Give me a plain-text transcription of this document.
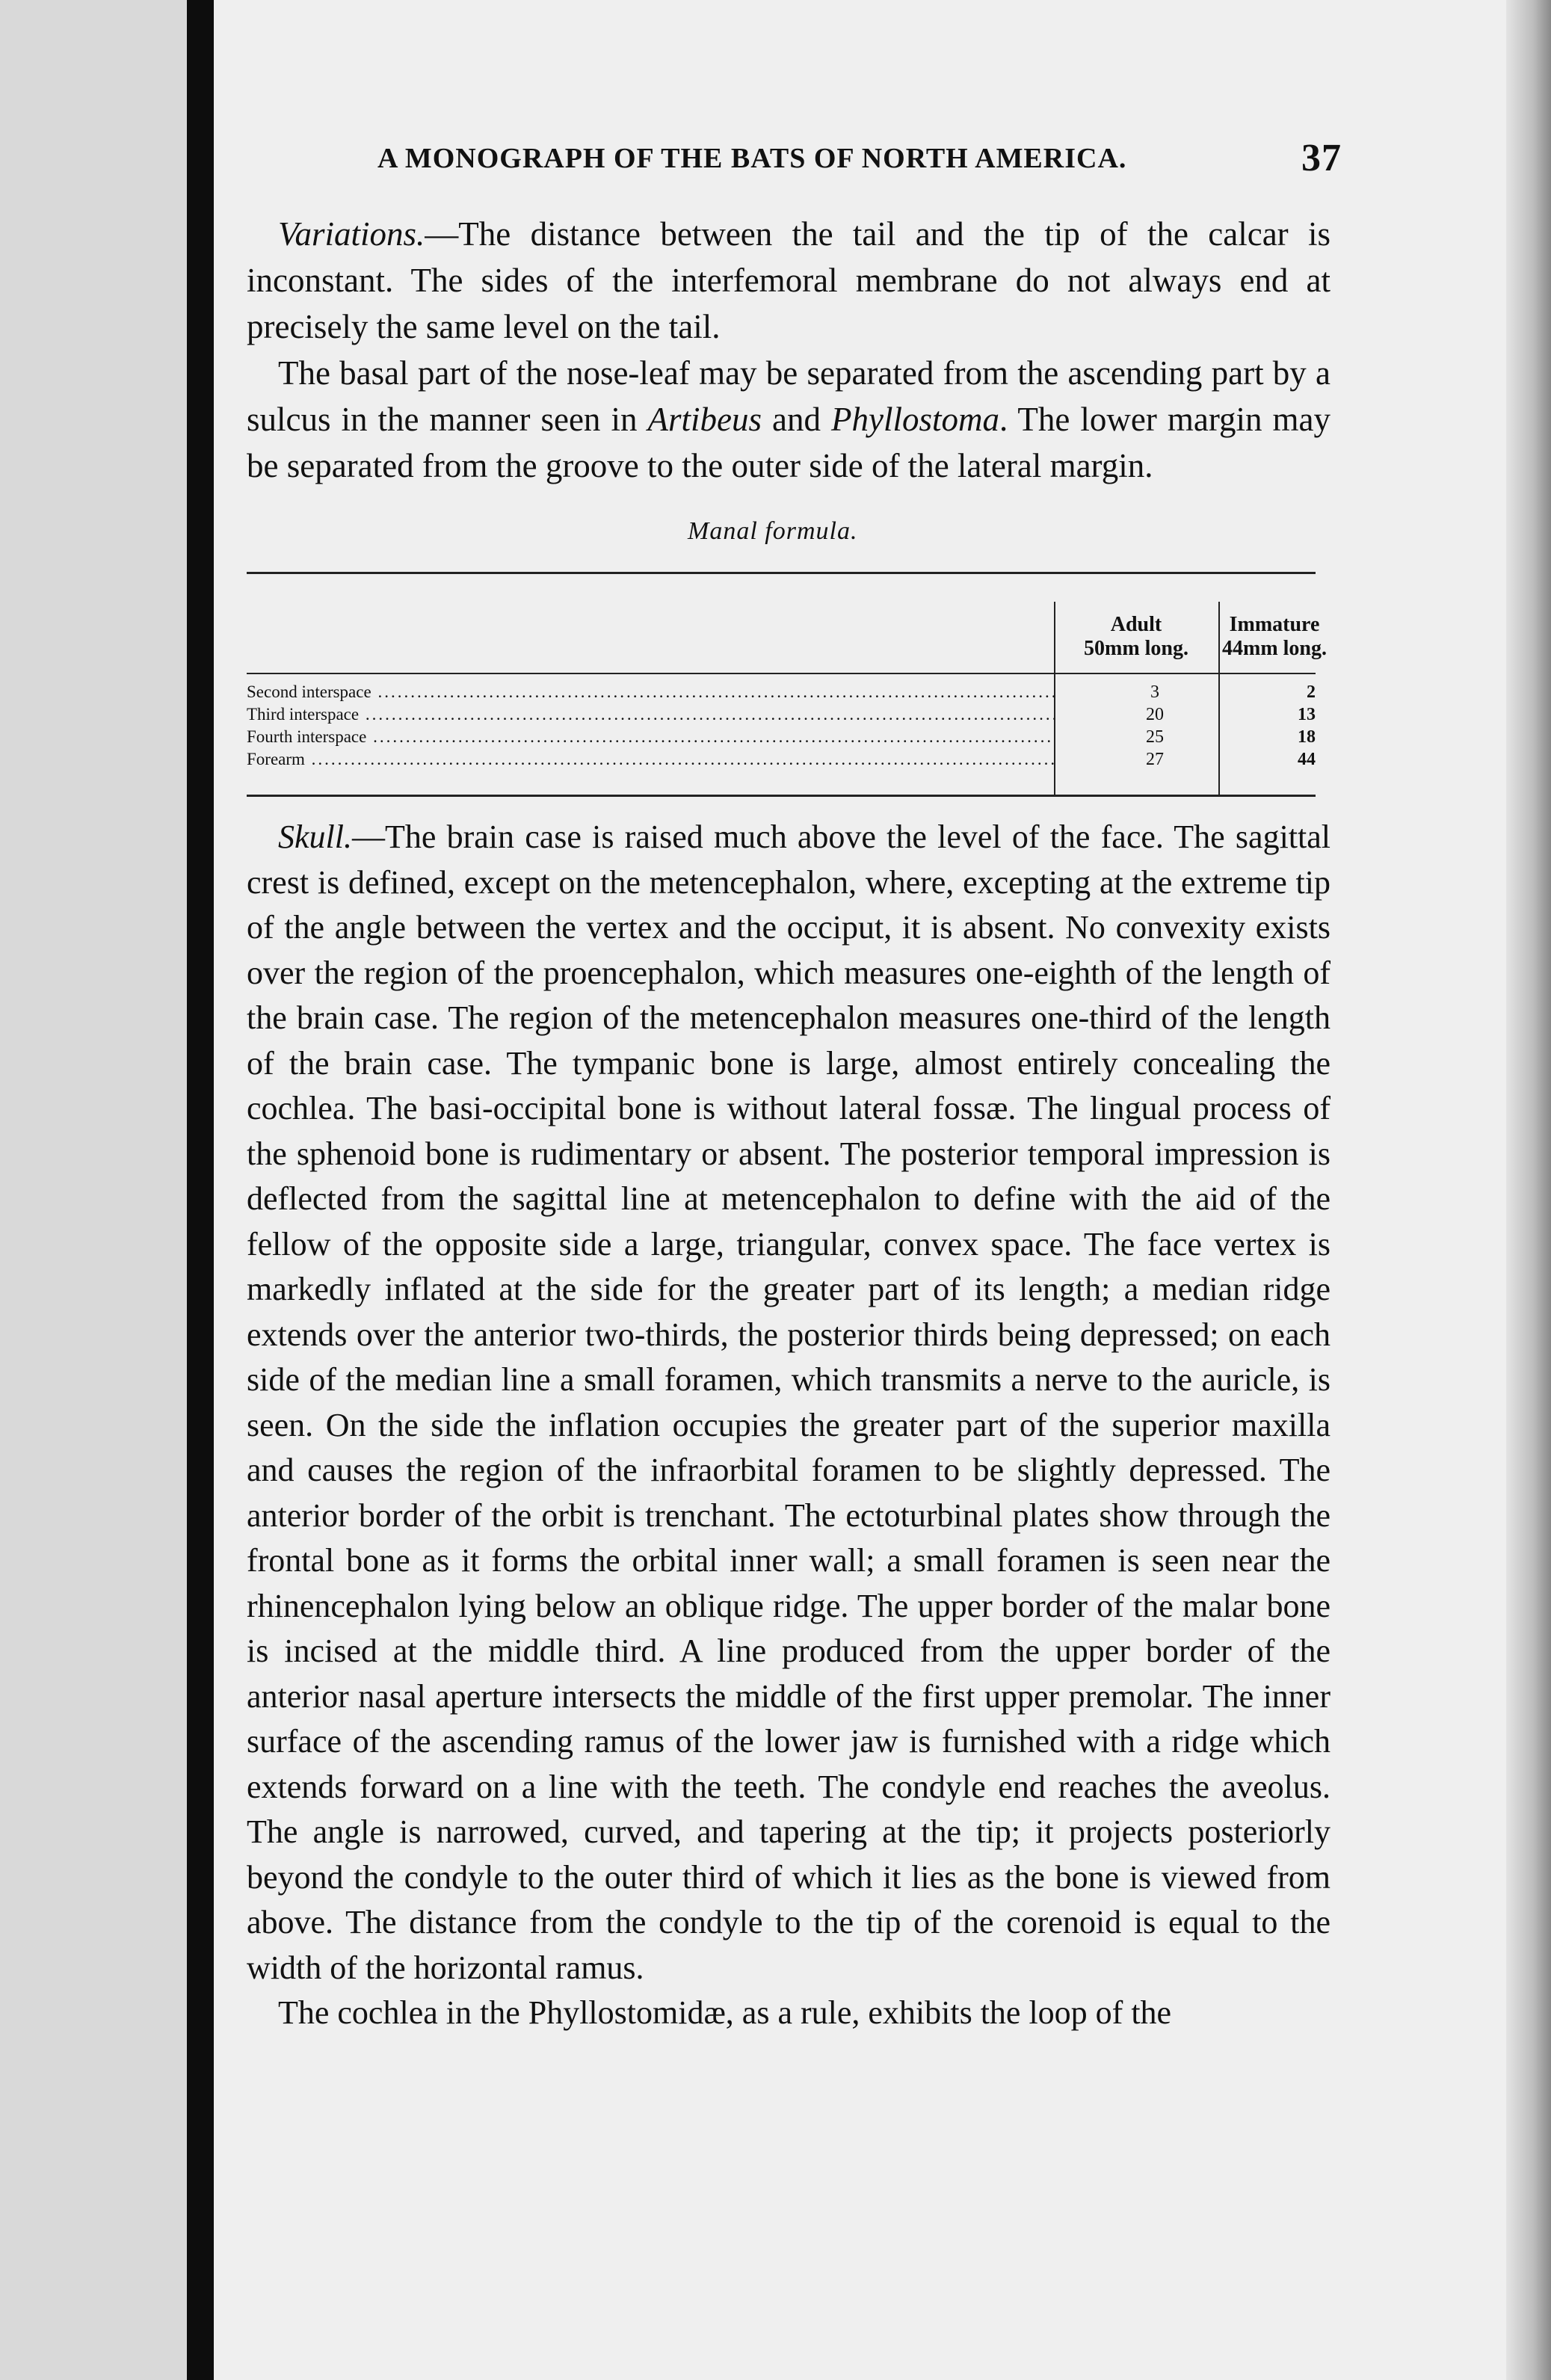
A MONOGRAPH OF THE BATS OF NORTH AMERICA.	37

Variations.—The distance between the tail and the tip of the calcar is inconstant. The sides of the interfemoral membrane do not always end at precisely the same level on the tail.

The basal part of the nose-leaf may be separated from the ascending part by a sulcus in the manner seen in Artibeus and Phyllostoma. The lower margin may be separated from the groove to the outer side of the lateral margin.

Manal formula.
Adult
50mm long.
Immature
44mm long.
Second interspace .....	3	2
Third interspace .....	20	13
Fourth interspace .....	25	18
Forearm .....	27	44

Skull.—The brain case is raised much above the level of the face. The sagittal crest is defined, except on the metencephalon, where, excepting at the extreme tip of the angle between the vertex and the occiput, it is absent. No convexity exists over the region of the proencephalon, which measures one-eighth of the length of the brain case. The region of the metencephalon measures one-third of the length of the brain case. The tympanic bone is large, almost entirely concealing the cochlea. The basi-occipital bone is without lateral fossæ. The lingual process of the sphenoid bone is rudimentary or absent. The posterior temporal impression is deflected from the sagittal line at metencephalon to define with the aid of the fellow of the opposite side a large, triangular, convex space. The face vertex is markedly inflated at the side for the greater part of its length; a median ridge extends over the anterior two-thirds, the posterior thirds being depressed; on each side of the median line a small foramen, which transmits a nerve to the auricle, is seen. On the side the inflation occupies the greater part of the superior maxilla and causes the region of the infraorbital foramen to be slightly depressed. The anterior border of the orbit is trenchant. The ectoturbinal plates show through the frontal bone as it forms the orbital inner wall; a small foramen is seen near the rhinencephalon lying below an oblique ridge. The upper border of the malar bone is incised at the middle third. A line produced from the upper border of the anterior nasal aperture intersects the middle of the first upper premolar. The inner surface of the ascending ramus of the lower jaw is furnished with a ridge which extends forward on a line with the teeth. The condyle end reaches the aveolus. The angle is narrowed, curved, and tapering at the tip; it projects posteriorly beyond the condyle to the outer third of which it lies as the bone is viewed from above. The distance from the condyle to the tip of the corenoid is equal to the width of the horizontal ramus.

The cochlea in the Phyllostomidæ, as a rule, exhibits the loop of the
